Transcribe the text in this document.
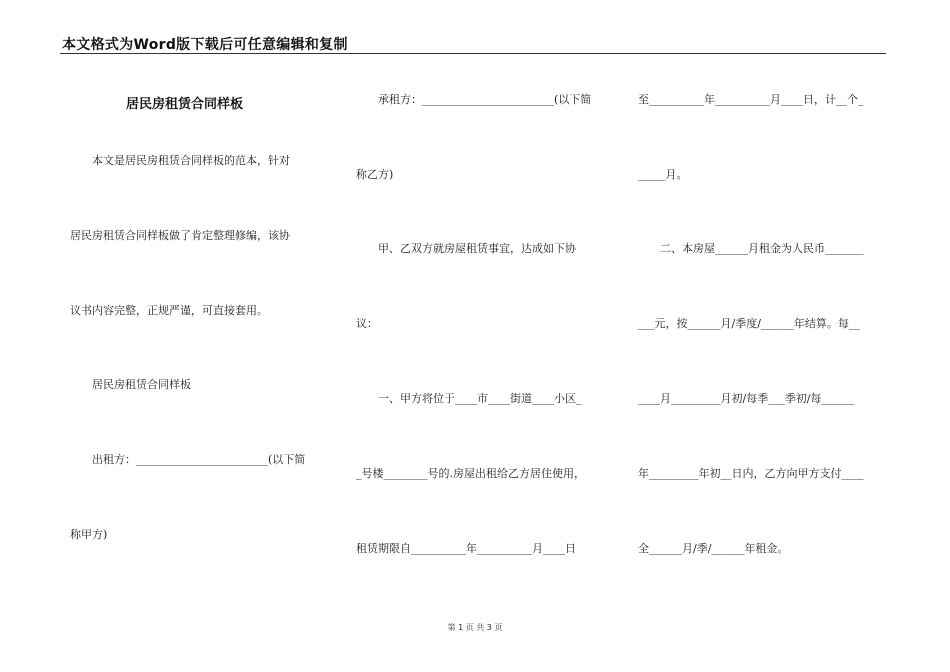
本文格式为Word版下载后可任意编辑和复制
居民房租赁合同样板
　　本文是居民房租赁合同样板的范本，针对
居民房租赁合同样板做了肯定整理修编，该协
议书内容完整，正规严谨，可直接套用。
　　居民房租赁合同样板
　　出租方：________________________(以下简
称甲方)
　　承租方：________________________(以下简
称乙方)
　　甲、乙双方就房屋租赁事宜，达成如下协
议：
　　一、甲方将位于____市____街道____小区_
_号楼________号的.房屋出租给乙方居住使用，
租赁期限自__________年__________月____日
至__________年__________月____日，计__个_
_____月。
　　二、本房屋______月租金为人民币_______
___元，按______月/季度/______年结算。每__
____月_________月初/每季___季初/每______
年_________年初__日内，乙方向甲方支付____
全______月/季/______年租金。
第 1 页 共 3 页
